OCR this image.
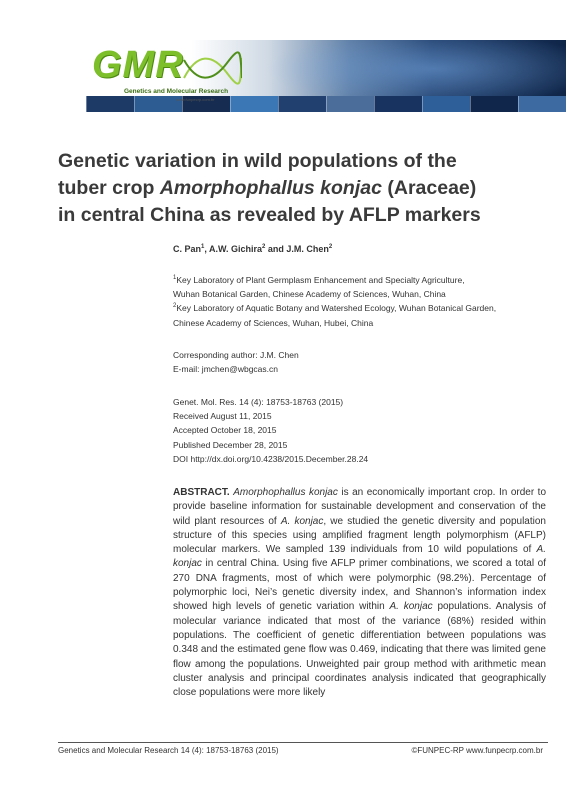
GMR
Genetics and Molecular Research
www.funpecrp.com.br
Genetic variation in wild populations of the
tuber crop Amorphophallus konjac (Araceae)
in central China as revealed by AFLP markers
C. Pan$^1$, A.W. Gichira$^2$ and J.M. Chen$^2$
$^1$Key Laboratory of Plant Germplasm Enhancement and Specialty Agriculture,
Wuhan Botanical Garden, Chinese Academy of Sciences, Wuhan, China
$^2$Key Laboratory of Aquatic Botany and Watershed Ecology, Wuhan Botanical Garden,
Chinese Academy of Sciences, Wuhan, Hubei, China
Corresponding author: J.M. Chen
E-mail: jmchen@wbgcas.cn
Genet. Mol. Res. 14 (4): 18753-18763 (2015)
Received August 11, 2015
Accepted October 18, 2015
Published December 28, 2015
DOI http://dx.doi.org/10.4238/2015.December.28.24
ABSTRACT. Amorphophallus konjac is an economically important crop. In order to provide baseline information for sustainable development and conservation of the wild plant resources of A. konjac, we studied the genetic diversity and population structure of this species using amplified fragment length polymorphism (AFLP) molecular markers. We sampled 139 individuals from 10 wild populations of A. konjac in central China. Using five AFLP primer combinations, we scored a total of 270 DNA fragments, most of which were polymorphic (98.2%). Percentage of polymorphic loci, Nei’s genetic diversity index, and Shannon’s information index showed high levels of genetic variation within A. konjac populations. Analysis of molecular variance indicated that most of the variance (68%) resided within populations. The coefficient of genetic differentiation between populations was 0.348 and the estimated gene flow was 0.469, indicating that there was limited gene flow among the populations. Unweighted pair group method with arithmetic mean cluster analysis and principal coordinates analysis indicated that geographically close populations were more likely
Genetics and Molecular Research 14 (4): 18753-18763 (2015)	©FUNPEC-RP www.funpecrp.com.br
